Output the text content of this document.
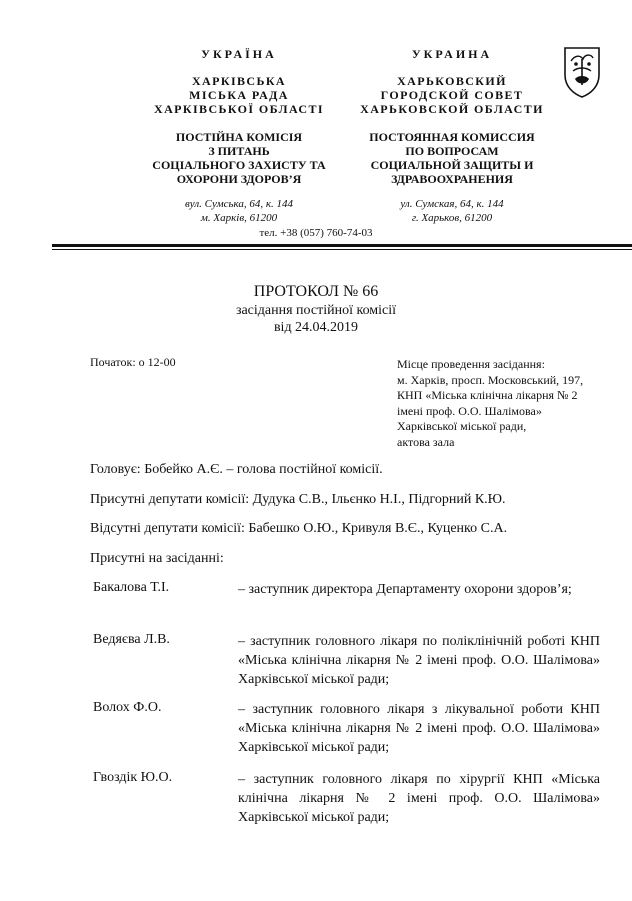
УКРАЇНА
ХАРКІВСЬКА
МІСЬКА РАДА
ХАРКІВСЬКОЇ ОБЛАСТІ
ПОСТІЙНА КОМІСІЯ
З ПИТАНЬ
СОЦІАЛЬНОГО ЗАХИСТУ ТА
ОХОРОНИ ЗДОРОВ’Я
вул. Сумська, 64, к. 144
м. Харків, 61200
УКРАИНА
ХАРЬКОВСКИЙ
ГОРОДСКОЙ СОВЕТ
ХАРЬКОВСКОЙ ОБЛАСТИ
ПОСТОЯННАЯ КОМИССИЯ
ПО ВОПРОСАМ
СОЦИАЛЬНОЙ ЗАЩИТЫ И
ЗДРАВООХРАНЕНИЯ
ул. Сумская, 64, к. 144
г. Харьков, 61200
тел. +38 (057) 760-74-03
ПРОТОКОЛ № 66
засідання постійної комісії
від 24.04.2019
Початок: о 12-00	Місце проведення засідання:
м. Харків, просп. Московський, 197,
КНП «Міська клінічна лікарня № 2
імені проф. О.О. Шалімова»
Харківської міської ради,
актова зала
Головує: Бобейко А.Є. – голова постійної комісії.
Присутні депутати комісії: Дудука С.В., Ільєнко Н.І., Підгорний К.Ю.
Відсутні депутати комісії: Бабешко О.Ю., Кривуля В.Є., Куценко С.А.
Присутні на засіданні:
Бакалова Т.І.	– заступник директора Департаменту охорони здоров’я;
Ведяєва Л.В.	– заступник головного лікаря по поліклінічній роботі КНП «Міська клінічна лікарня № 2 імені проф. О.О. Шалімова» Харківської міської ради;
Волох Ф.О.	– заступник головного лікаря з лікувальної роботи КНП «Міська клінічна лікарня № 2 імені проф. О.О. Шалімова» Харківської міської ради;
Гвоздік Ю.О.	– заступник головного лікаря по хірургії КНП «Міська клінічна лікарня № 2 імені проф. О.О. Шалімова» Харківської міської ради;
